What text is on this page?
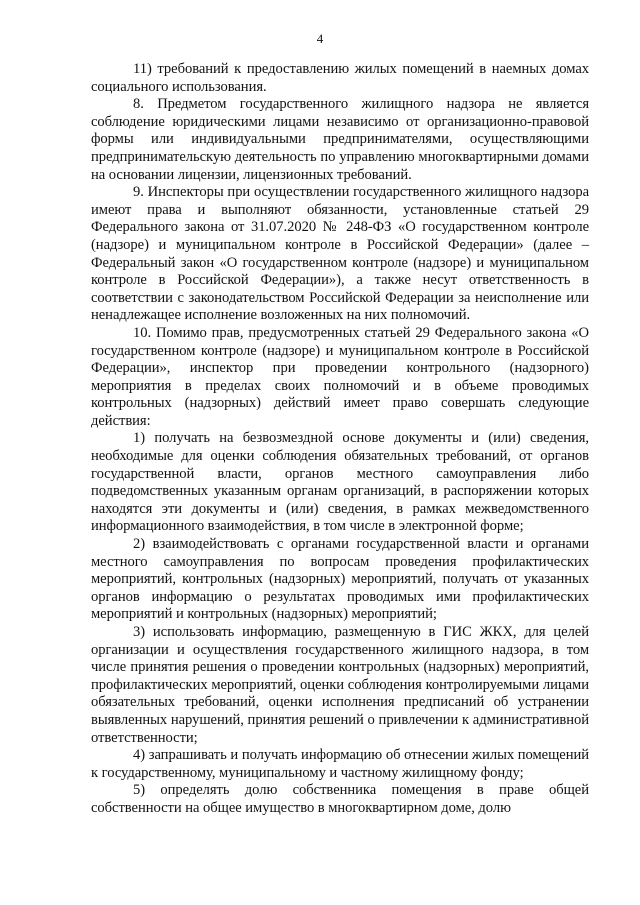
4

11) требований к предоставлению жилых помещений в наемных домах социального использования.

8. Предметом государственного жилищного надзора не является соблюдение юридическими лицами независимо от организационно-правовой формы или индивидуальными предпринимателями, осуществляющими предпринимательскую деятельность по управлению многоквартирными домами на основании лицензии, лицензионных требований.

9. Инспекторы при осуществлении государственного жилищного надзора имеют права и выполняют обязанности, установленные статьей 29 Федерального закона от 31.07.2020 № 248-ФЗ «О государственном контроле (надзоре) и муниципальном контроле в Российской Федерации» (далее – Федеральный закон «О государственном контроле (надзоре) и муниципальном контроле в Российской Федерации»), а также несут ответственность в соответствии с законодательством Российской Федерации за неисполнение или ненадлежащее исполнение возложенных на них полномочий.

10. Помимо прав, предусмотренных статьей 29 Федерального закона «О государственном контроле (надзоре) и муниципальном контроле в Российской Федерации», инспектор при проведении контрольного (надзорного) мероприятия в пределах своих полномочий и в объеме проводимых контрольных (надзорных) действий имеет право совершать следующие действия:

1) получать на безвозмездной основе документы и (или) сведения, необходимые для оценки соблюдения обязательных требований, от органов государственной власти, органов местного самоуправления либо подведомственных указанным органам организаций, в распоряжении которых находятся эти документы и (или) сведения, в рамках межведомственного информационного взаимодействия, в том числе в электронной форме;

2) взаимодействовать с органами государственной власти и органами местного самоуправления по вопросам проведения профилактических мероприятий, контрольных (надзорных) мероприятий, получать от указанных органов информацию о результатах проводимых ими профилактических мероприятий и контрольных (надзорных) мероприятий;

3) использовать информацию, размещенную в ГИС ЖКХ, для целей организации и осуществления государственного жилищного надзора, в том числе принятия решения о проведении контрольных (надзорных) мероприятий, профилактических мероприятий, оценки соблюдения контролируемыми лицами обязательных требований, оценки исполнения предписаний об устранении выявленных нарушений, принятия решений о привлечении к административной ответственности;

4) запрашивать и получать информацию об отнесении жилых помещений к государственному, муниципальному и частному жилищному фонду;

5) определять долю собственника помещения в праве общей собственности на общее имущество в многоквартирном доме, долю
